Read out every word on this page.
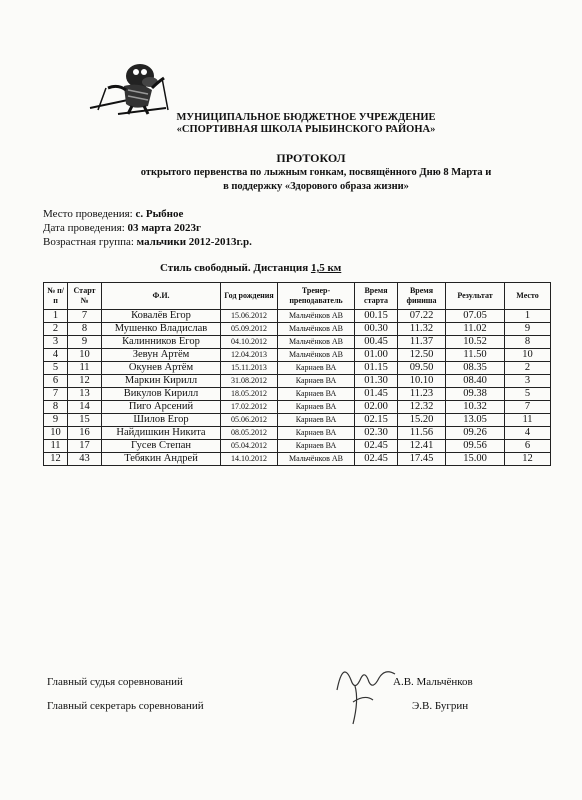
МУНИЦИПАЛЬНОЕ БЮДЖЕТНОЕ УЧРЕЖДЕНИЕ
«СПОРТИВНАЯ ШКОЛА РЫБИНСКОГО РАЙОНА»
ПРОТОКОЛ
открытого первенства по лыжным гонкам, посвящённого Дню 8 Марта и
в поддержку «Здорового образа жизни»
Место проведения: с. Рыбное
Дата проведения: 03 марта 2023г
Возрастная группа: мальчики 2012-2013г.р.
Стиль свободный. Дистанция 1,5 км
№ п/п	Старт №	Ф.И.	Год рождения	Тренер-преподаватель	Время старта	Время финиша	Результат	Место
1	7	Ковалёв Егор	15.06.2012	Мальчёнков АВ	00.15	07.22	07.05	1
2	8	Мушенко Владислав	05.09.2012	Мальчёнков АВ	00.30	11.32	11.02	9
3	9	Калинников Егор	04.10.2012	Мальчёнков АВ	00.45	11.37	10.52	8
4	10	Зевун Артём	12.04.2013	Мальчёнков АВ	01.00	12.50	11.50	10
5	11	Окунев Артём	15.11.2013	Карнаев ВА	01.15	09.50	08.35	2
6	12	Маркин Кирилл	31.08.2012	Карнаев ВА	01.30	10.10	08.40	3
7	13	Викулов Кирилл	18.05.2012	Карнаев ВА	01.45	11.23	09.38	5
8	14	Пиго Арсений	17.02.2012	Карнаев ВА	02.00	12.32	10.32	7
9	15	Шилов Егор	05.06.2012	Карнаев ВА	02.15	15.20	13.05	11
10	16	Найдишкин Никита	08.05.2012	Карнаев ВА	02.30	11.56	09.26	4
11	17	Гусев Степан	05.04.2012	Карнаев ВА	02.45	12.41	09.56	6
12	43	Тебякин Андрей	14.10.2012	Мальчёнков АВ	02.45	17.45	15.00	12
Главный судья соревнований	А.В. Мальчёнков
Главный секретарь соревнований	Э.В. Бугрин
